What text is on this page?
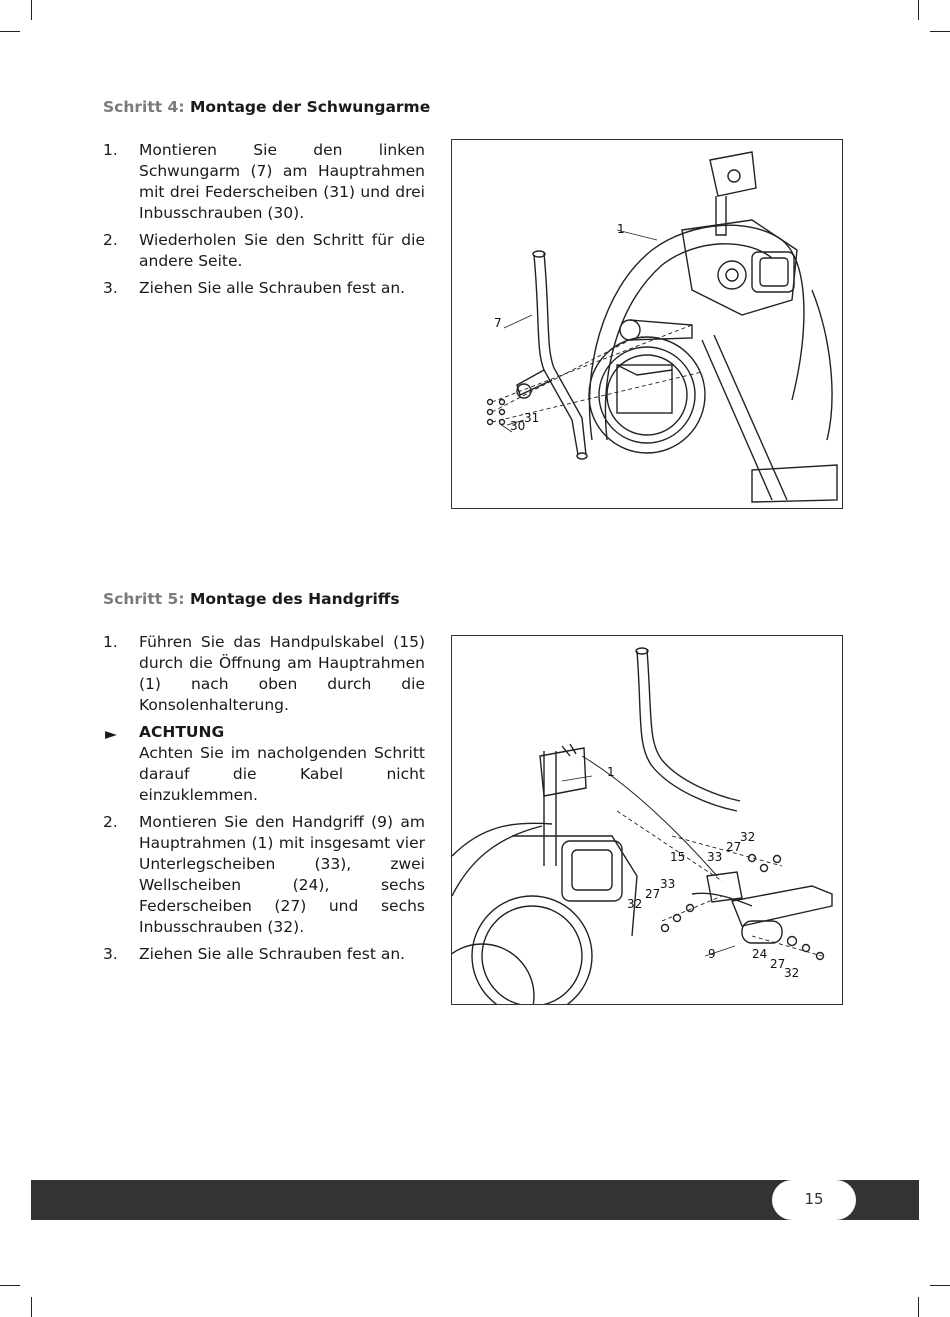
Schritt 4: Montage der Schwungarme
1. Montieren Sie den linken Schwungarm (7) am Hauptrahmen mit drei Federscheiben (31) und drei Inbusschrauben (30).
2. Wiederholen Sie den Schritt für die andere Seite.
3. Ziehen Sie alle Schrauben fest an.
1
7
31
30
Schritt 5: Montage des Handgriffs
1. Führen Sie das Handpulskabel (15) durch die Öffnung am Hauptrahmen (1) nach oben durch die Konsolenhalterung.
► ACHTUNG
Achten Sie im nacholgenden Schritt darauf die Kabel nicht einzuklemmen.
2. Montieren Sie den Handgriff (9) am Hauptrahmen (1) mit insgesamt vier Unterlegscheiben (33), zwei Wellscheiben (24), sechs Federscheiben (27) und sechs Inbusschrauben (32).
3. Ziehen Sie alle Schrauben fest an.
1
15 33
27
32
33
27
32
9	24
27
32
15
